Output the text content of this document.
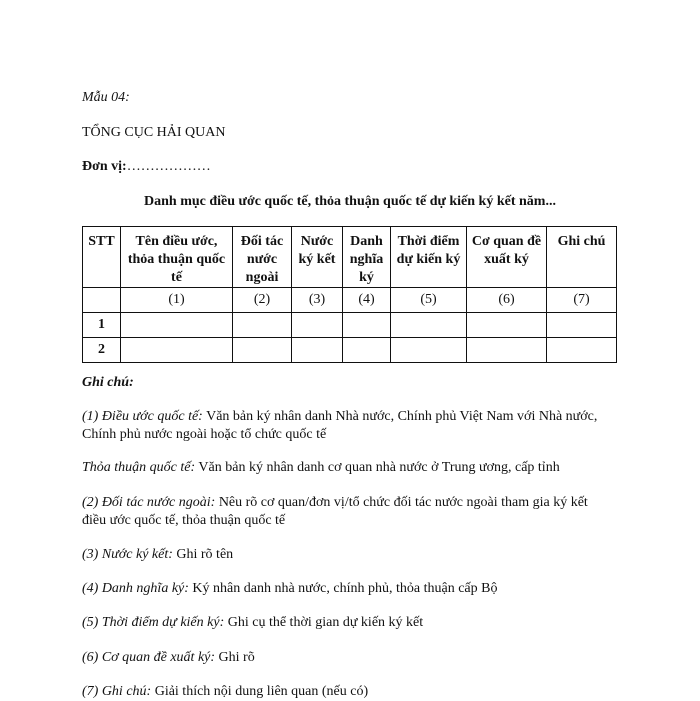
Mẫu 04:
TỔNG CỤC HẢI QUAN
Đơn vị:………………
Danh mục điều ước quốc tế, thỏa thuận quốc tế dự kiến ký kết năm...
STT	Tên điều ước, thỏa thuận quốc tế	Đối tác nước ngoài	Nước ký kết	Danh nghĩa ký	Thời điểm dự kiến ký	Cơ quan đề xuất ký	Ghi chú
	(1)	(2)	(3)	(4)	(5)	(6)	(7)
1							
2							
Ghi chú:
(1) Điều ước quốc tế: Văn bản ký nhân danh Nhà nước, Chính phủ Việt Nam với Nhà nước, Chính phủ nước ngoài hoặc tổ chức quốc tế
Thỏa thuận quốc tế: Văn bản ký nhân danh cơ quan nhà nước ở Trung ương, cấp tỉnh
(2) Đối tác nước ngoài: Nêu rõ cơ quan/đơn vị/tổ chức đối tác nước ngoài tham gia ký kết điều ước quốc tế, thỏa thuận quốc tế
(3) Nước ký kết: Ghi rõ tên
(4) Danh nghĩa ký: Ký nhân danh nhà nước, chính phủ, thỏa thuận cấp Bộ
(5) Thời điểm dự kiến ký: Ghi cụ thể thời gian dự kiến ký kết
(6) Cơ quan đề xuất ký: Ghi rõ
(7) Ghi chú: Giải thích nội dung liên quan (nếu có)
